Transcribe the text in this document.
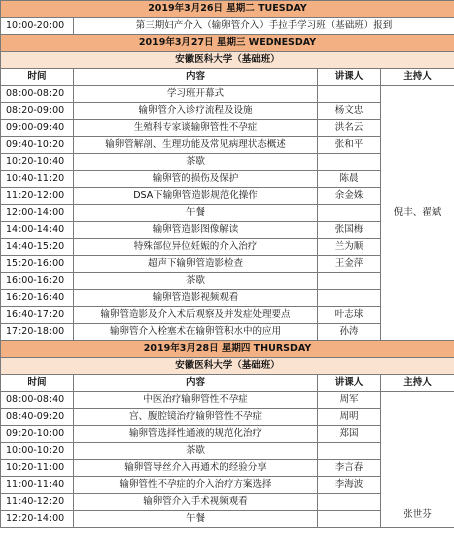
2019年3月26日 星期二 TUESDAY			
10:00-20:00	第三期妇产介入（输卵管介入）手拉手学习班（基础班）报到		
2019年3月27日 星期三 WEDNESDAY			
安徽医科大学（基础班）			
时间	内容	讲课人	主持人
08:00-08:20	学习班开幕式		倪丰、翟斌
08:20-09:00	输卵管介入诊疗流程及设施	杨文忠	
09:00-09:40	生殖科专家谈输卵管性不孕症	洪名云	
09:40-10:20	输卵管解剖、生理功能及常见病理状态概述	张和平	
10:20-10:40	茶歇		
10:40-11:20	输卵管的损伤及保护	陈晨	
11:20-12:00	DSA下输卵管造影规范化操作	余金姝	
12:00-14:00	午餐		
14:00-14:40	输卵管造影图像解读	张国梅	
14:40-15:20	特殊部位异位妊娠的介入治疗	兰为顺	
15:20-16:00	超声下输卵管造影检查	王金萍	
16:00-16:20	茶歇		
16:20-16:40	输卵管造影视频观看		
16:40-17:20	输卵管造影及介入术后观察及并发症处理要点	叶志球	
17:20-18:00	输卵管介入栓塞术在输卵管积水中的应用	孙涛	
2019年3月28日 星期四 THURSDAY			
安徽医科大学（基础班）			
时间	内容	讲课人	主持人
08:00-08:40	中医治疗输卵管性不孕症	周军	张世芬
08:40-09:20	宫、腹腔镜治疗输卵管性不孕症	周明	
09:20-10:00	输卵管选择性通液的规范化治疗	郑国	
10:00-10:20	茶歇		
10:20-11:00	输卵管导丝介入再通术的经验分享	李言春	
11:00-11:40	输卵管性不孕症的介入治疗方案选择	李海波	
11:40-12:20	输卵管介入手术视频观看		
12:20-14:00	午餐		
